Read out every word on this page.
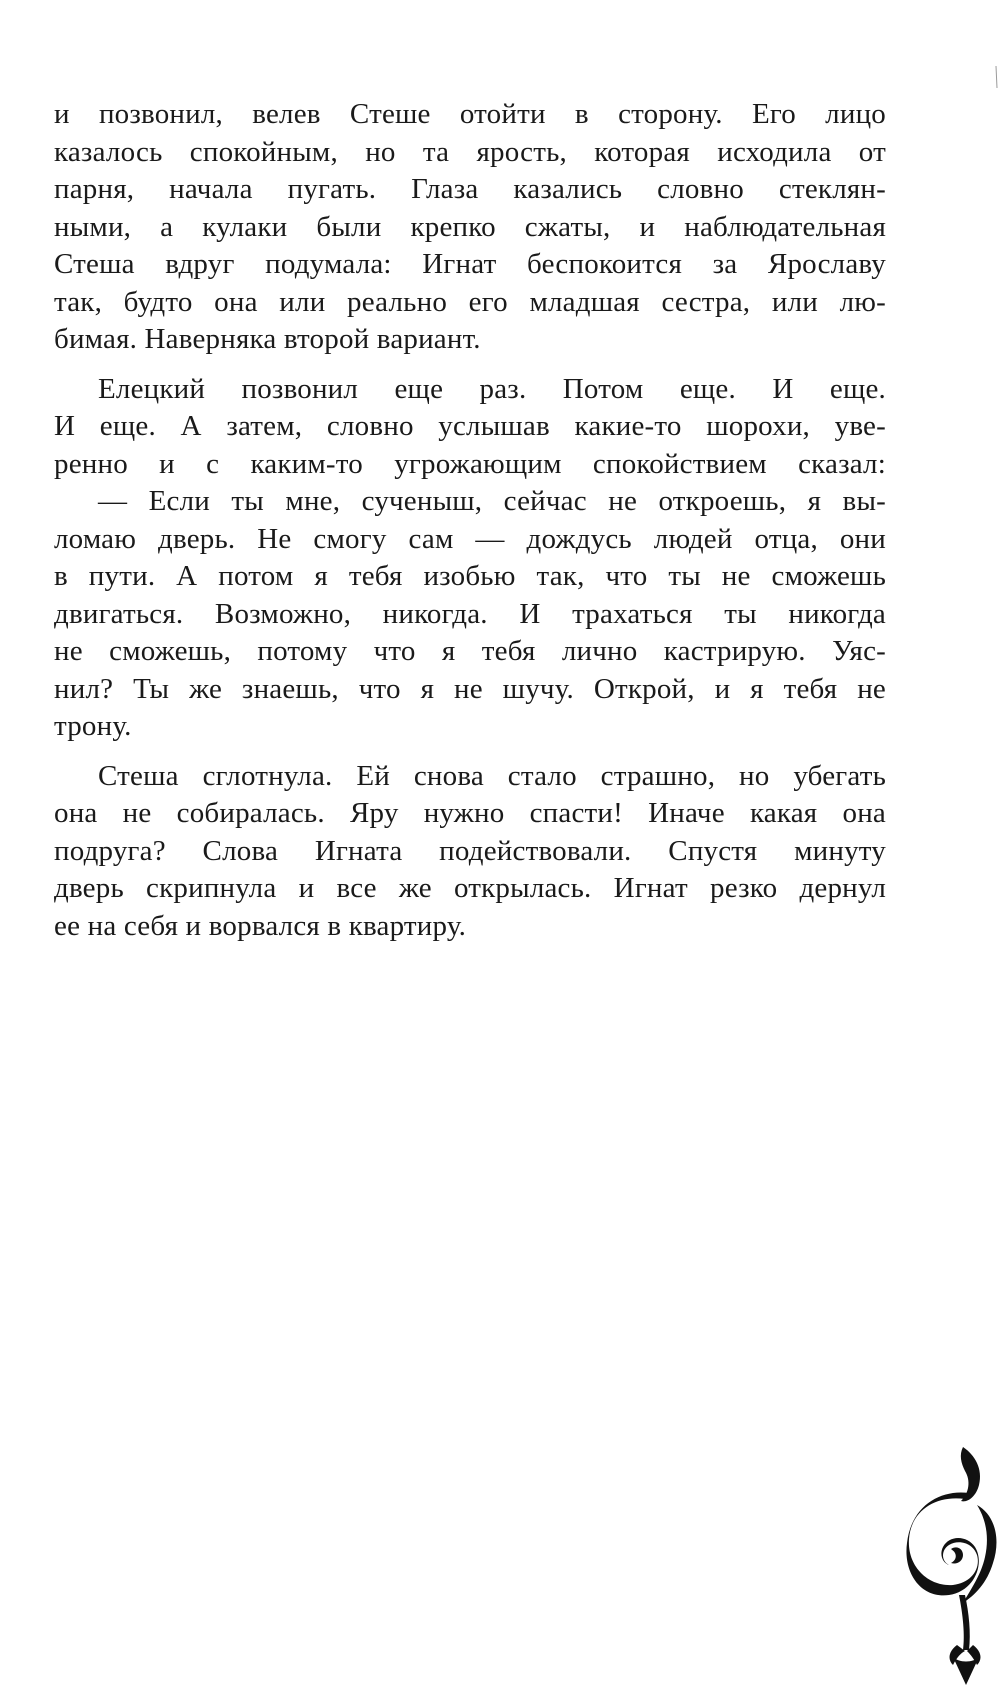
и позвонил, велев Стеше отойти в сторону. Его лицо
казалось спокойным, но та ярость, которая исходила от
парня, начала пугать. Глаза казались словно стеклян-
ными, а кулаки были крепко сжаты, и наблюдательная
Стеша вдруг подумала: Игнат беспокоится за Ярославу
так, будто она или реально его младшая сестра, или лю-
бимая. Наверняка второй вариант.
Елецкий позвонил еще раз. Потом еще. И еще.
И еще. А затем, словно услышав какие-то шорохи, уве-
ренно и с каким-то угрожающим спокойствием сказал:
— Если ты мне, сученыш, сейчас не откроешь, я вы-
ломаю дверь. Не смогу сам — дождусь людей отца, они
в пути. А потом я тебя изобью так, что ты не сможешь
двигаться. Возможно, никогда. И трахаться ты никогда
не сможешь, потому что я тебя лично кастрирую. Уяс-
нил? Ты же знаешь, что я не шучу. Открой, и я тебя не
трону.
Стеша сглотнула. Ей снова стало страшно, но убегать
она не собиралась. Яру нужно спасти! Иначе какая она
подруга? Слова Игната подействовали. Спустя минуту
дверь скрипнула и все же открылась. Игнат резко дернул
ее на себя и ворвался в квартиру.
